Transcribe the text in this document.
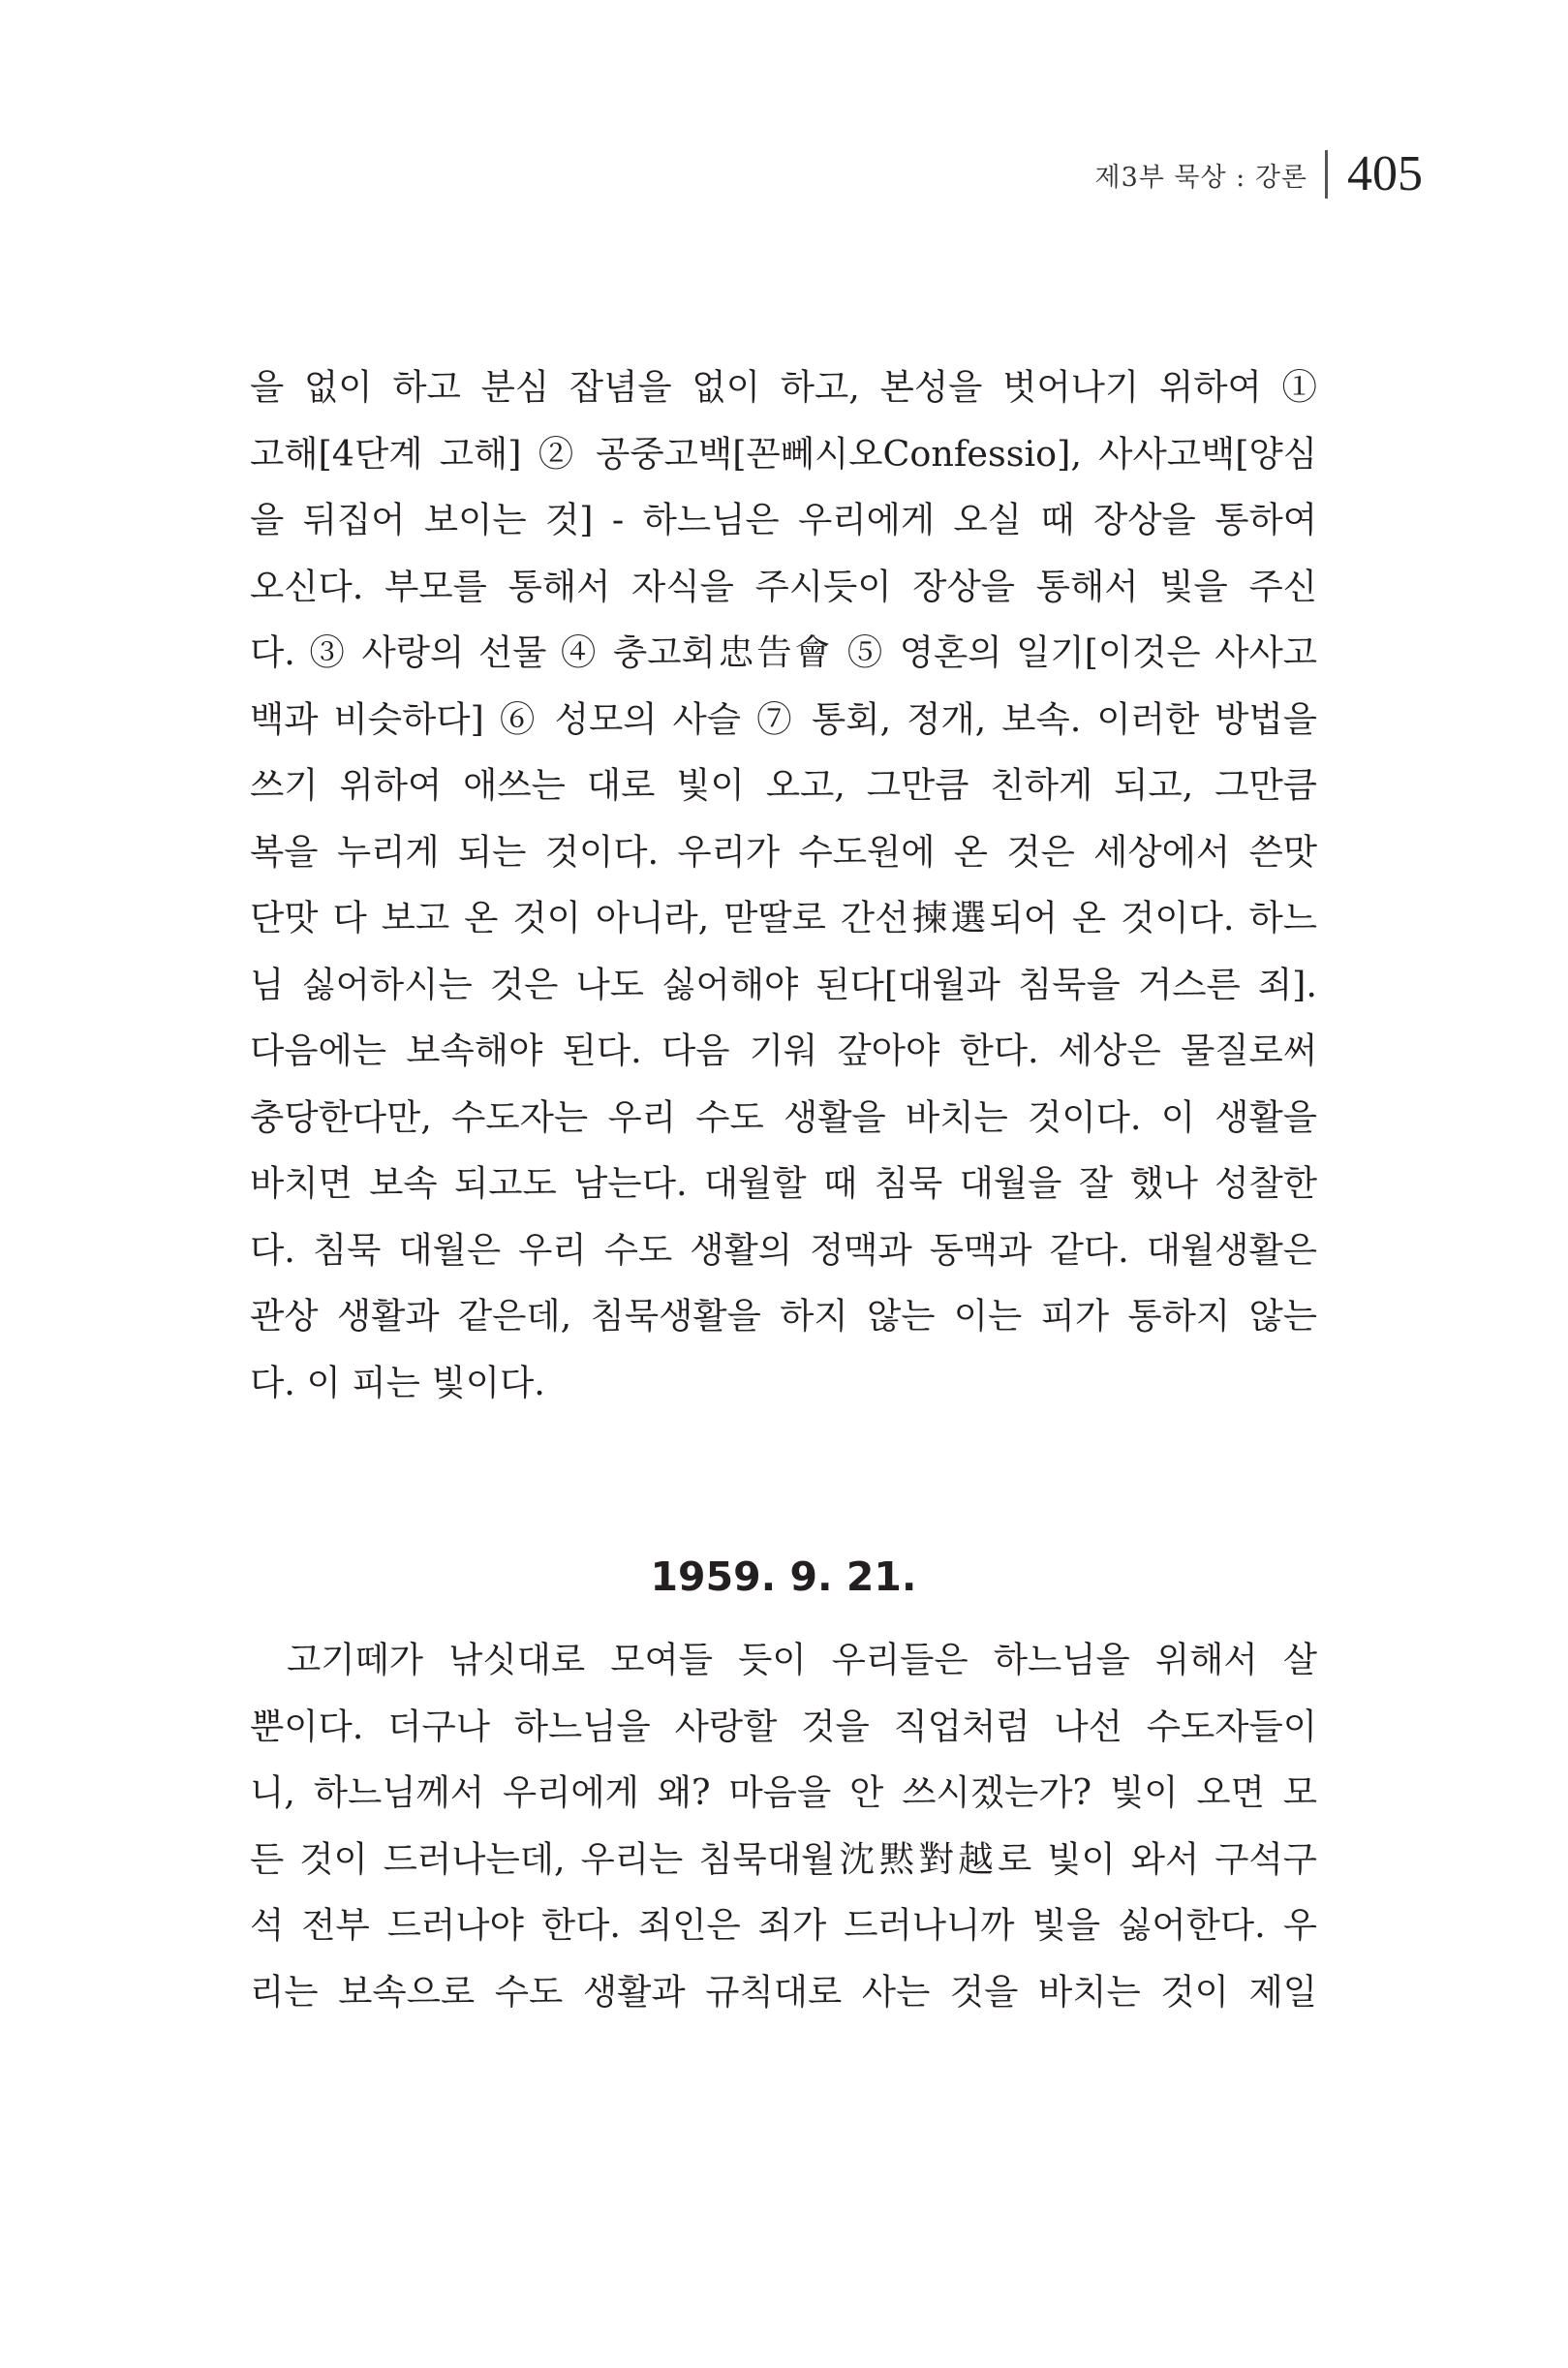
제3부 묵상 : 강론 405
을 없이 하고 분심 잡념을 없이 하고, 본성을 벗어나기 위하여 ①
고해[4단계 고해] ② 공중고백[꼰뻬시오Confessio], 사사고백[양심
을 뒤집어 보이는 것] - 하느님은 우리에게 오실 때 장상을 통하여
오신다. 부모를 통해서 자식을 주시듯이 장상을 통해서 빛을 주신
다. ③ 사랑의 선물 ④ 충고회忠告會 ⑤ 영혼의 일기[이것은 사사고
백과 비슷하다] ⑥ 성모의 사슬 ⑦ 통회, 정개, 보속. 이러한 방법을
쓰기 위하여 애쓰는 대로 빛이 오고, 그만큼 친하게 되고, 그만큼
복을 누리게 되는 것이다. 우리가 수도원에 온 것은 세상에서 쓴맛
단맛 다 보고 온 것이 아니라, 맏딸로 간선揀選되어 온 것이다. 하느
님 싫어하시는 것은 나도 싫어해야 된다[대월과 침묵을 거스른 죄].
다음에는 보속해야 된다. 다음 기워 갚아야 한다. 세상은 물질로써
충당한다만, 수도자는 우리 수도 생활을 바치는 것이다. 이 생활을
바치면 보속 되고도 남는다. 대월할 때 침묵 대월을 잘 했나 성찰한
다. 침묵 대월은 우리 수도 생활의 정맥과 동맥과 같다. 대월생활은
관상 생활과 같은데, 침묵생활을 하지 않는 이는 피가 통하지 않는
다. 이 피는 빛이다.
1959. 9. 21.
고기떼가 낚싯대로 모여들 듯이 우리들은 하느님을 위해서 살
뿐이다. 더구나 하느님을 사랑할 것을 직업처럼 나선 수도자들이
니, 하느님께서 우리에게 왜? 마음을 안 쓰시겠는가? 빛이 오면 모
든 것이 드러나는데, 우리는 침묵대월沈黙對越로 빛이 와서 구석구
석 전부 드러나야 한다. 죄인은 죄가 드러나니까 빛을 싫어한다. 우
리는 보속으로 수도 생활과 규칙대로 사는 것을 바치는 것이 제일
